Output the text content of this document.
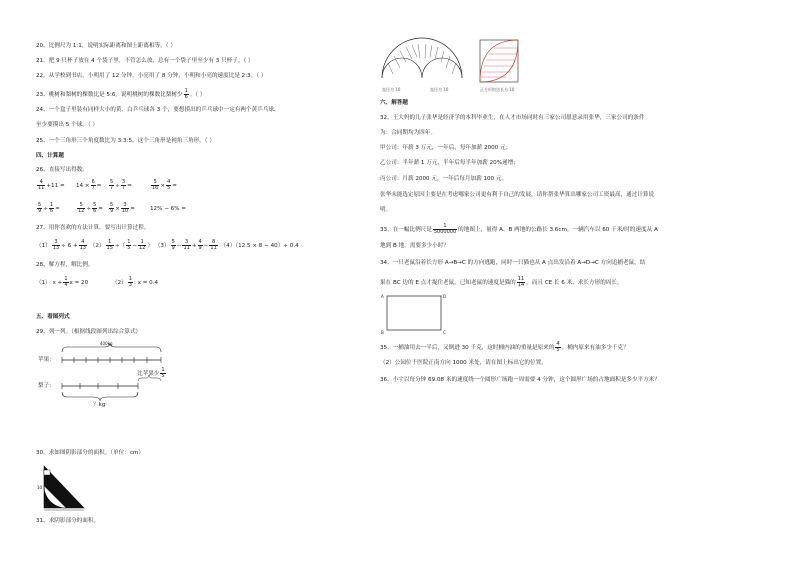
20、比例尺为 1:1，说明实际距离和图上距离相等。（ ）
21、把 9 只杯子放在 4 个袋子里，不管怎么放，总有一个袋子里至少有 3 只杯子。（ ）
22、从学校到书店，小明用了 12 分钟，小亮用了 8 分钟，小明和小亮的速度比是 2:3。（ ）
23、桃树和梨树的棵数比是 5:6，说明桃树的棵数比梨树少 $\frac{1}{6}$ 。（ ）
24、一个盒子里装有同样大小的黄、白乒乓球各 3 个，要想摸出的乒乓球中一定有两个黄乒乓球，
至少要摸出 5 个球。（ ）
25、一个三角形三个角度数比为 3:3:5，这个三角形是钝角三角形。（ ）
四、计算题
26、直接写出得数。
$\frac{4}{11} +11 = 14 \times \frac{6}{7} = \frac{5}{7} \div \frac{3}{7}$ =	$\frac{5}{16} \times \frac{4}{5}$ =
$\frac{5}{9} \div \frac{1}{6}$ =	$\frac{5}{12} \div \frac{5}{6} = \frac{5}{9} \times \frac{3}{10}$ =	12% − 6% =
27、用你喜欢的方法计算，要写出计算过程。
$(1) \frac{3}{13} \div 6 + \frac{4}{13} (2) \frac{1}{15}$ ÷（ $\frac{1}{5} - \frac{1}{12}$ ） $(3) \frac{5}{9} - \frac{3}{11} + \frac{4}{9} - \frac{8}{11} (4)(12.5 \times 8 - 40)\div 0.4$
28、解方程，解比例。
（1） $x + \frac{1}{4}$ x = 20	$(2) \frac{1}{3}$ : x = 0.4
五、看图列式
29、列一列。（根据线段图列出综合算式）
400kg
苹果：
梨子：
比苹果少 $\frac{1}{5}$
？kg
30、求如图阴影部分的面积。（单位：cm）
10
4
31、求阴影部分的面积。
直径为 10	直径为 10	正方形的边长为 10
六、解答题
32、王大妈的儿子张华是经济学的本科毕业生，在人才市场同时有三家公司愿意录用张华，三家公司的条件
为：合同期均为四年。
甲公司：年薪 3 万元，一年后，每年加薪 2000 元；
乙公司：半年薪 1 万元，半年后每半年加薪 20%递增；
丙公司：月薪 2000 元，一年后每月加薪 100 元。
张华未能选定原因主要是在考虑哪家公司更有利于自己的发展，请你帮张华算出哪家公司工资最高，通过计算说
明。
33、在一幅比例尺是 $\frac{1}{5000000}$ 的地图上，量得 A、B 两地的公路长 3.6cm。一辆汽车以 60 千米/时的速度从 A
地到 B 地，需要多少小时？
34、一只老鼠沿着长方形 A→B→C 的方向逃跑，同时一只猫也从 A 点出发沿着 A→D→C 方向追捕老鼠，结
果在 BC 边的 E 点才捉住老鼠，已知老鼠的速度是猫的 $\frac{11}{14}$ ，而且 CE 长 6 米，求长方形的周长。
A
B	C
D
35、一桶油用去一半后，又倒进 30 千克，这时桶内油的重量是原来的 $\frac{4}{5}$ 。桶内原来有油多少千克？
（2）公园位于医院正南方向 1000 米处，请在图上标出它的位置。
36、小宇以每分钟 69.08 米的速度绕一个圆形广场跑一周需要 4 分钟，这个圆形广场的占地面积是多少平方米？
